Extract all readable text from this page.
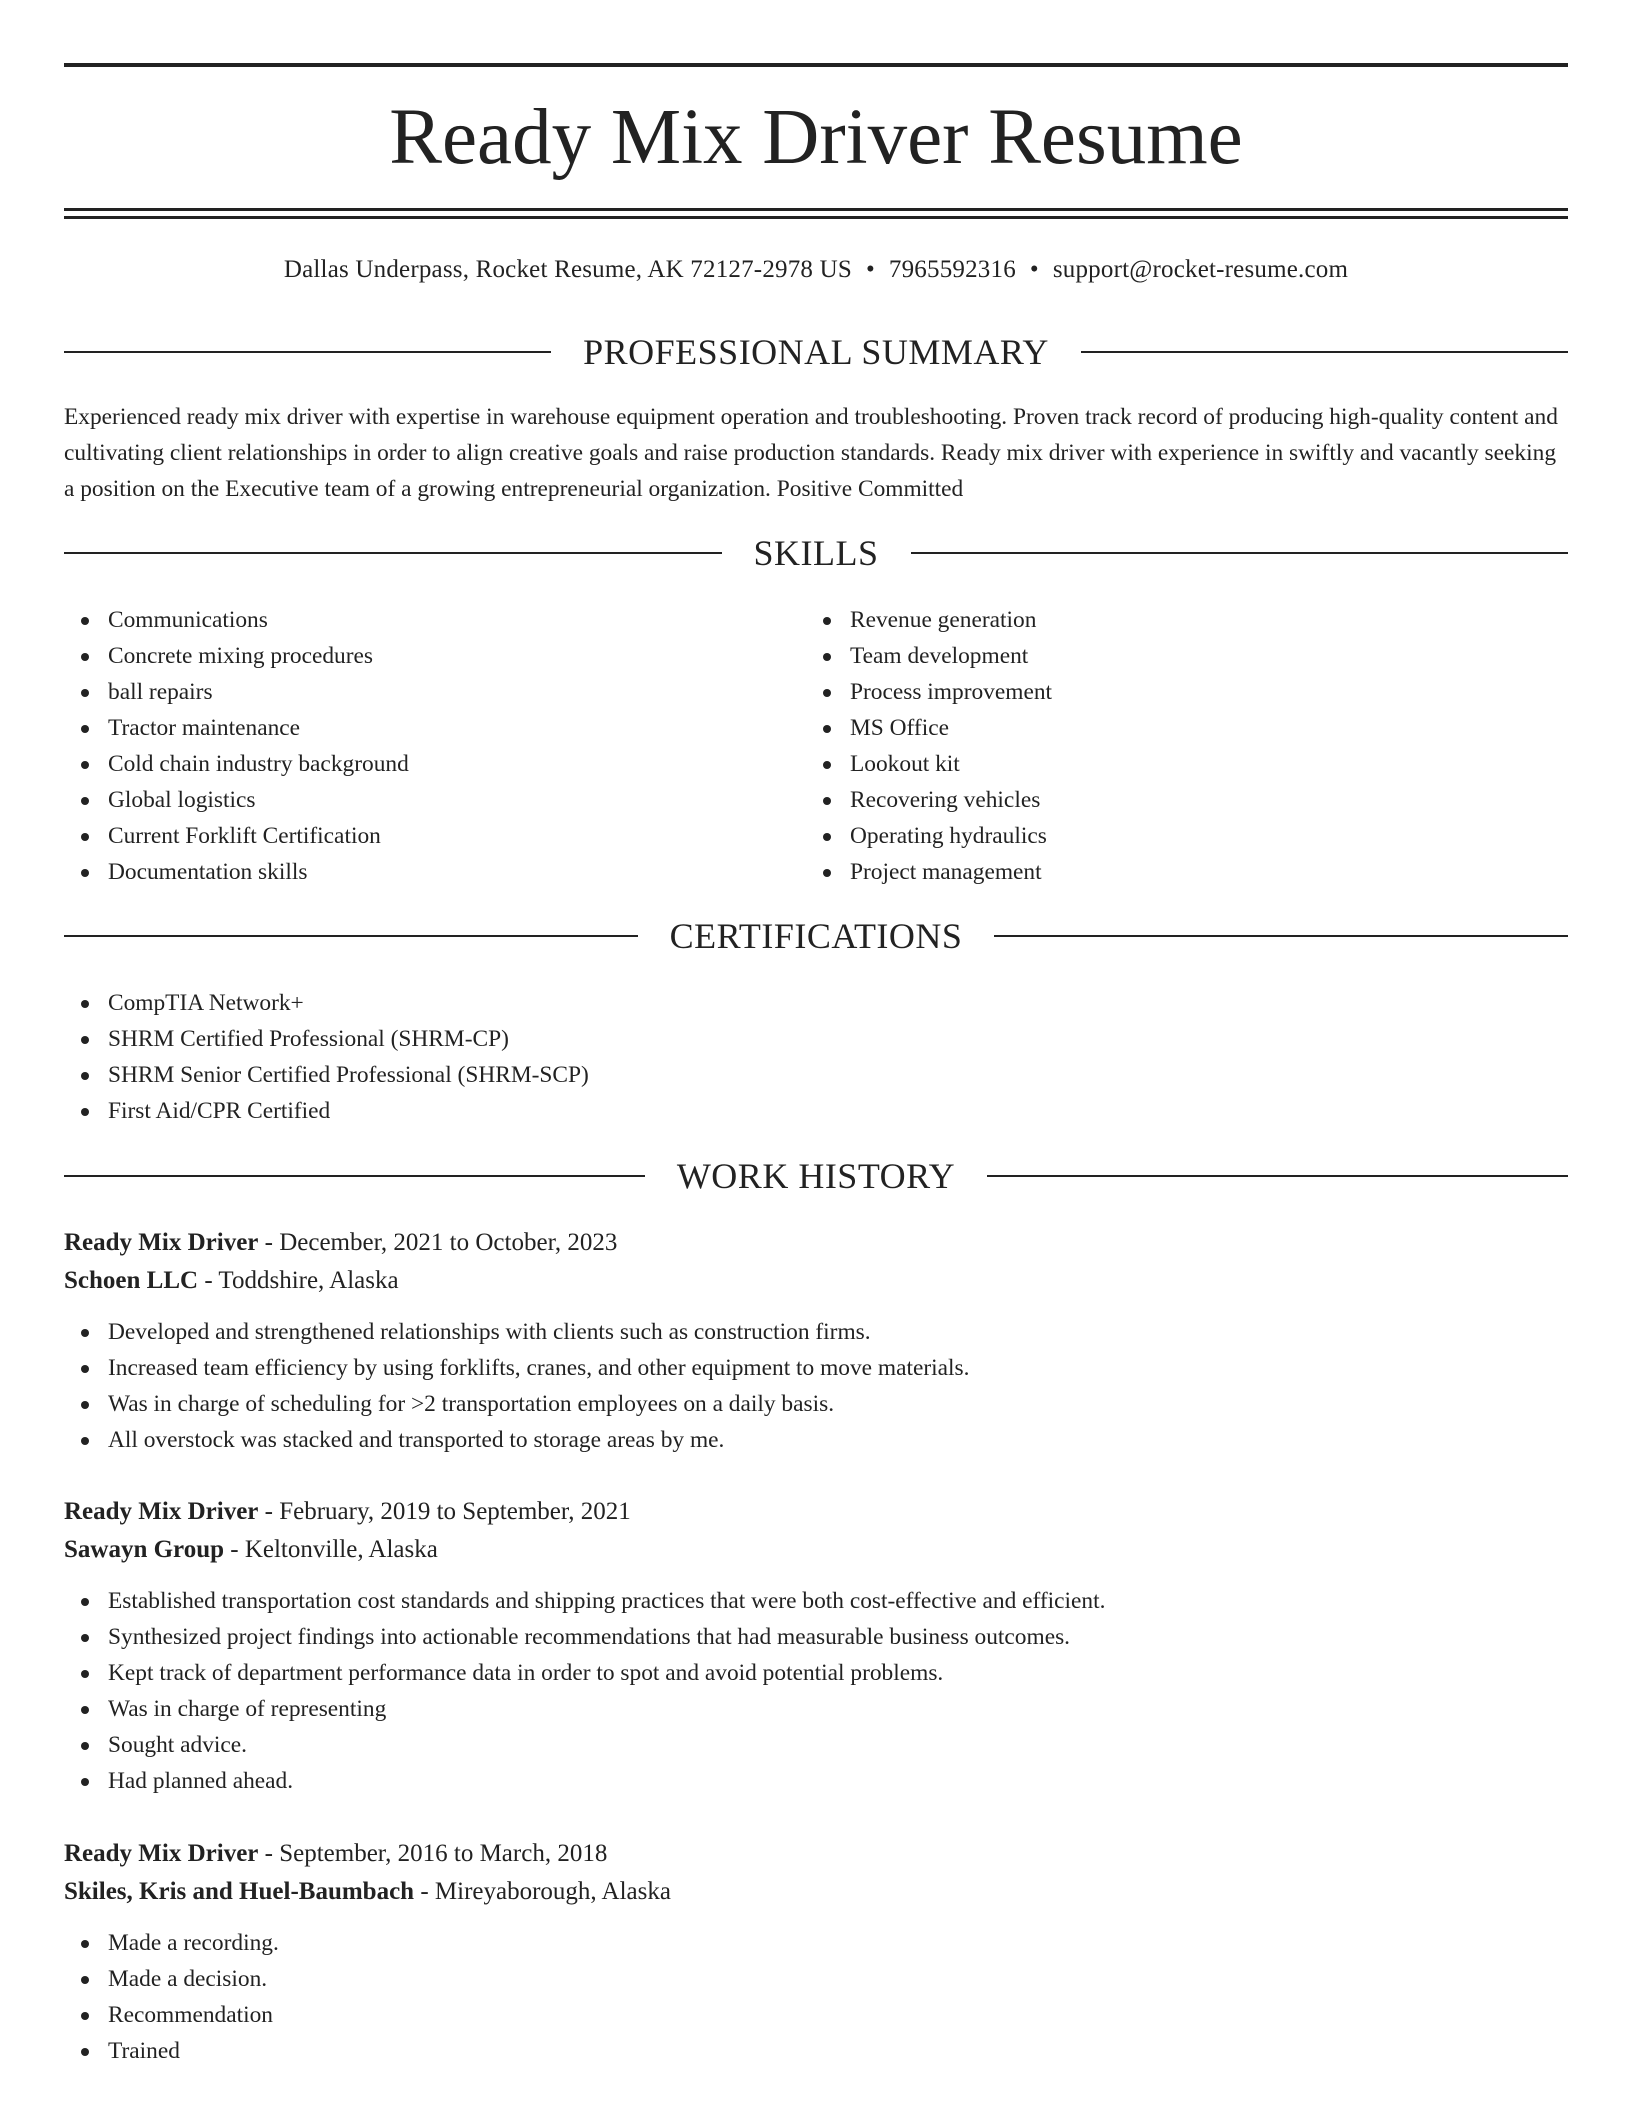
Ready Mix Driver Resume
Dallas Underpass, Rocket Resume, AK 72127-2978 US • 7965592316 • support@rocket-resume.com
PROFESSIONAL SUMMARY

Experienced ready mix driver with expertise in warehouse equipment operation and troubleshooting. Proven track record of producing high-quality content and cultivating client relationships in order to align creative goals and raise production standards. Ready mix driver with experience in swiftly and vacantly seeking a position on the Executive team of a growing entrepreneurial organization. Positive Committed

SKILLS
Communications
Concrete mixing procedures
ball repairs
Tractor maintenance
Cold chain industry background
Global logistics
Current Forklift Certification
Documentation skills
Revenue generation
Team development
Process improvement
MS Office
Lookout kit
Recovering vehicles
Operating hydraulics
Project management
CERTIFICATIONS
CompTIA Network+
SHRM Certified Professional (SHRM-CP)
SHRM Senior Certified Professional (SHRM-SCP)
First Aid/CPR Certified
WORK HISTORY
Ready Mix Driver - December, 2021 to October, 2023
Schoen LLC - Toddshire, Alaska
Developed and strengthened relationships with clients such as construction firms.
Increased team efficiency by using forklifts, cranes, and other equipment to move materials.
Was in charge of scheduling for >2 transportation employees on a daily basis.
All overstock was stacked and transported to storage areas by me.
Ready Mix Driver - February, 2019 to September, 2021
Sawayn Group - Keltonville, Alaska
Established transportation cost standards and shipping practices that were both cost-effective and efficient.
Synthesized project findings into actionable recommendations that had measurable business outcomes.
Kept track of department performance data in order to spot and avoid potential problems.
Was in charge of representing
Sought advice.
Had planned ahead.
Ready Mix Driver - September, 2016 to March, 2018
Skiles, Kris and Huel-Baumbach - Mireyaborough, Alaska
Made a recording.
Made a decision.
Recommendation
Trained
